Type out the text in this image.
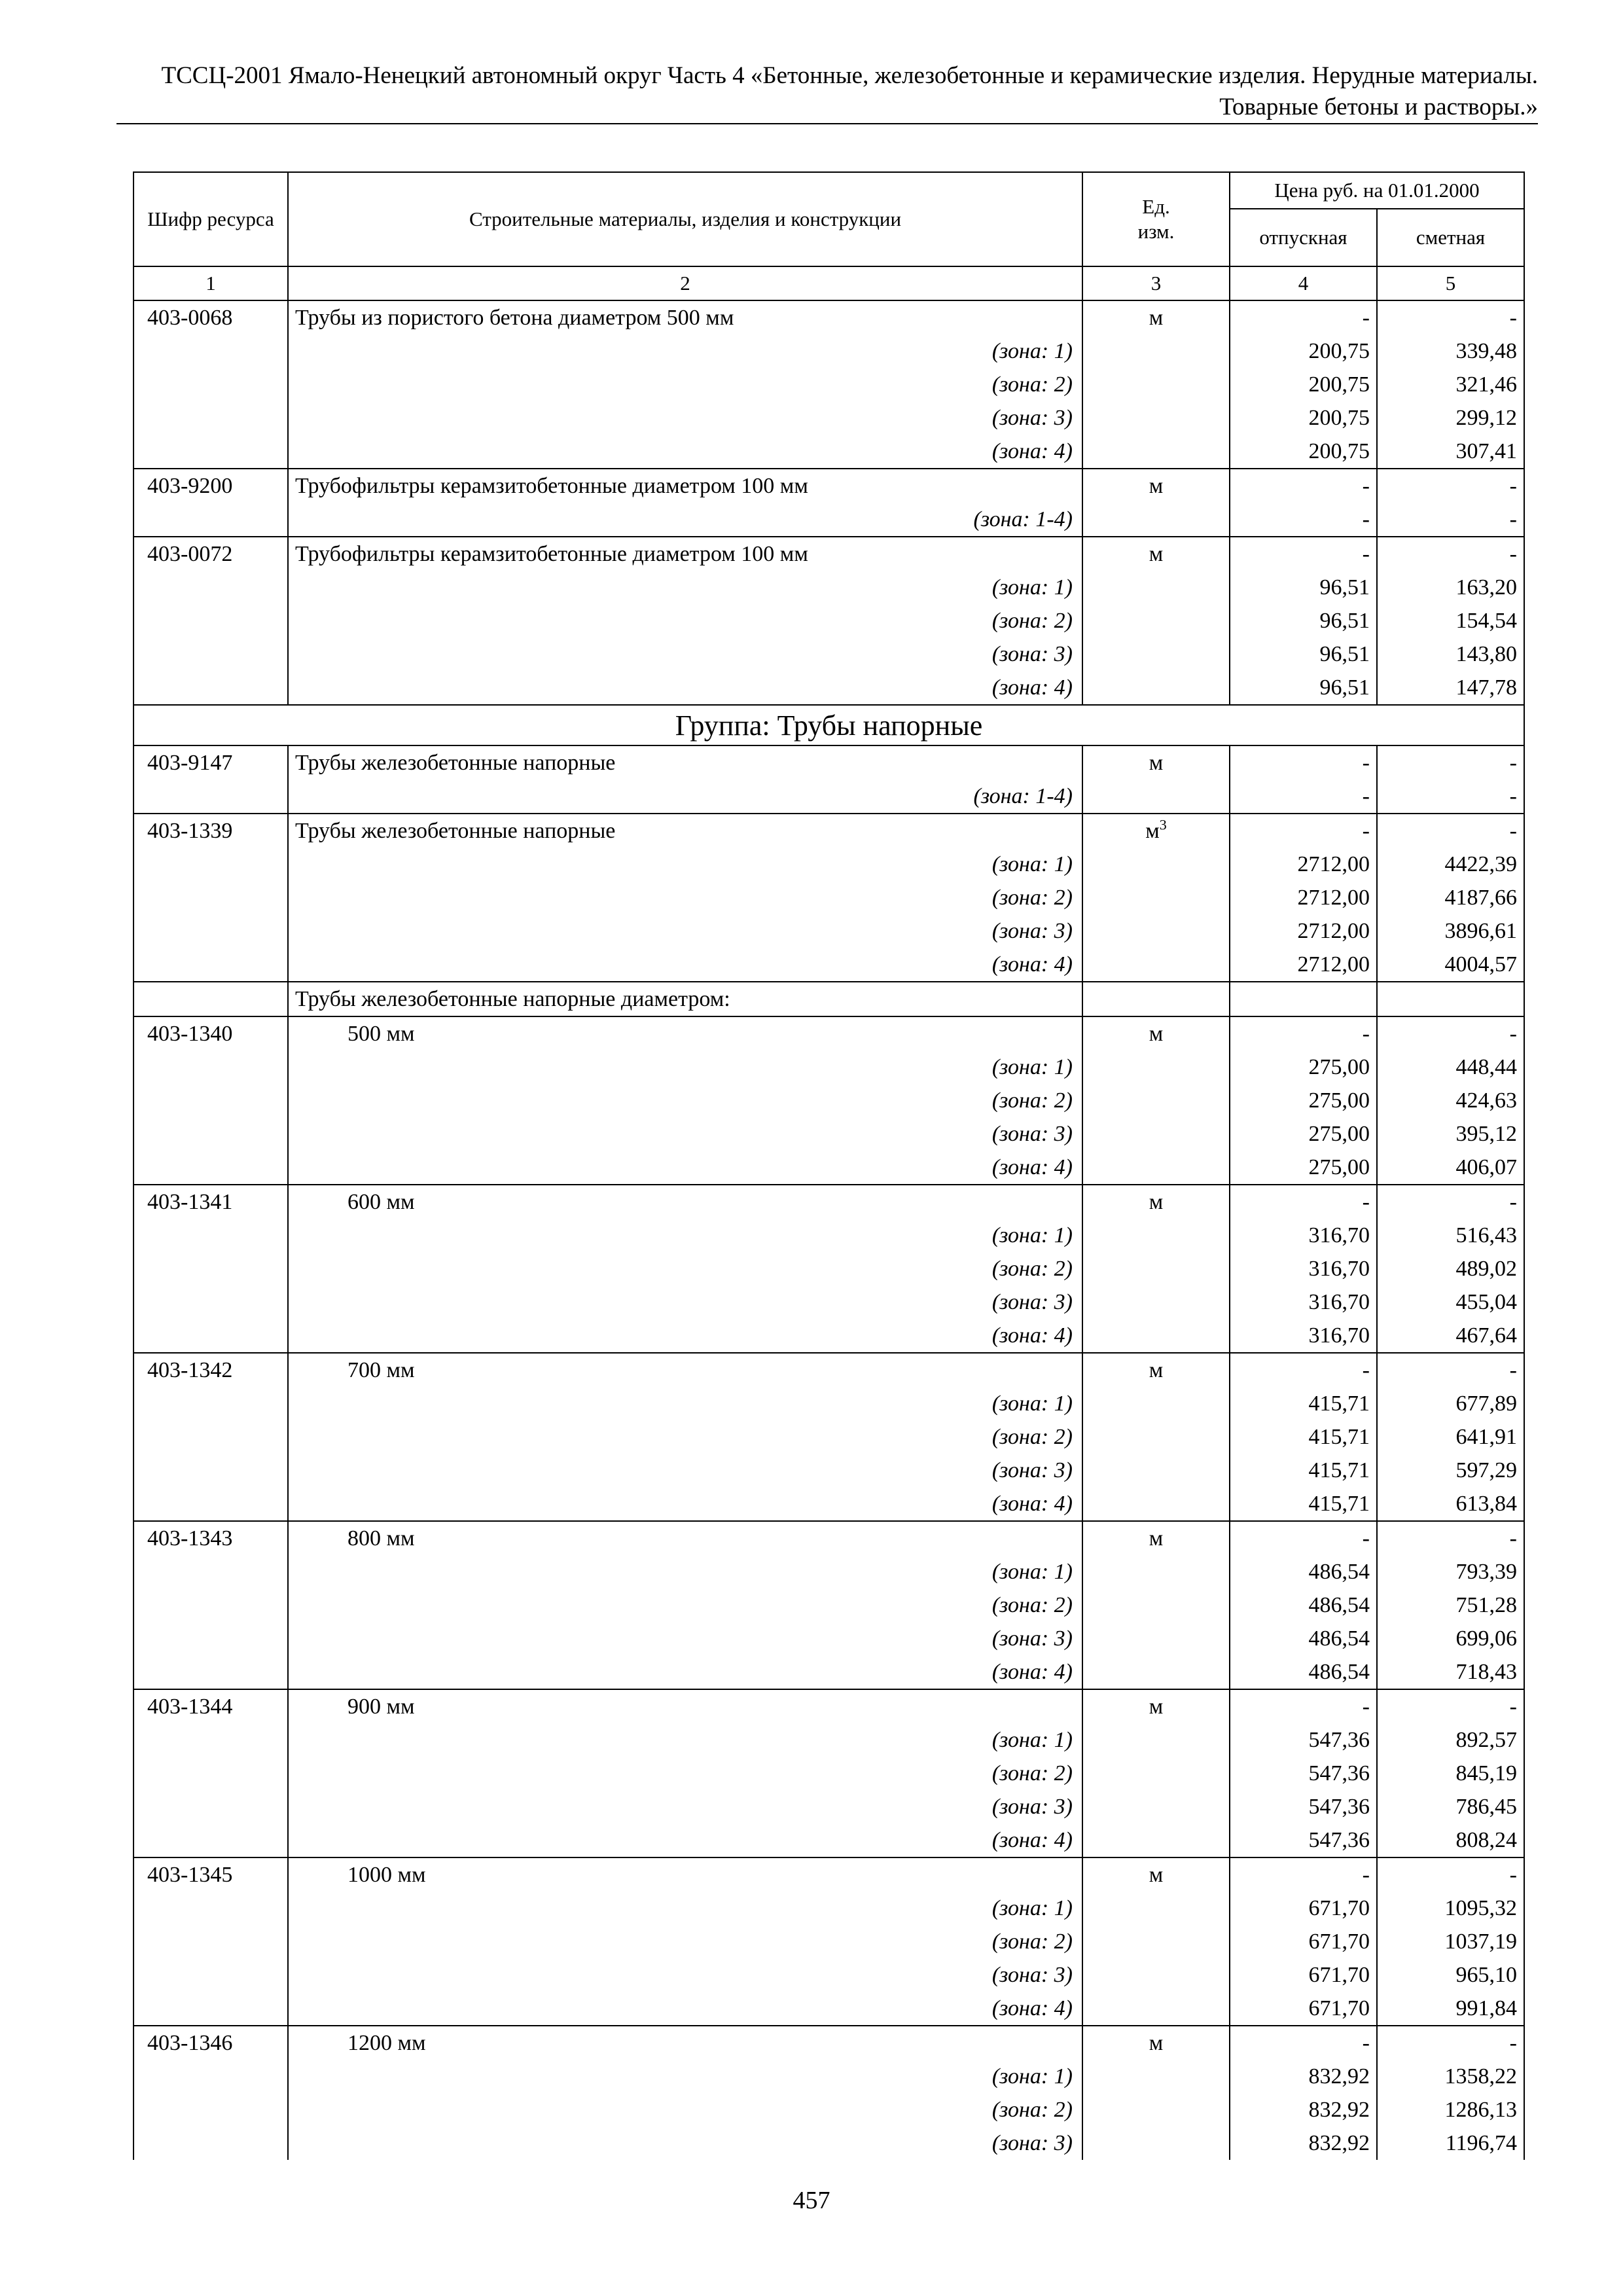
ТССЦ-2001 Ямало-Ненецкий автономный округ Часть 4 «Бетонные, железобетонные и керамические изделия. Нерудные материалы.
Товарные бетоны и растворы.»
Шифр ресурса	Строительные материалы, изделия и конструкции	Ед. изм.	Цена руб. на 01.01.2000	
			отпускная	сметная
1	2	3	4	5
403-0068	Трубы из пористого бетона диаметром 500 мм	м	-	-
	(зона: 1)		200,75	339,48
	(зона: 2)		200,75	321,46
	(зона: 3)		200,75	299,12
	(зона: 4)		200,75	307,41
403-9200	Трубофильтры керамзитобетонные диаметром 100 мм	м	-	-
	(зона: 1-4)		-	-
403-0072	Трубофильтры керамзитобетонные диаметром 100 мм	м	-	-
	(зона: 1)		96,51	163,20
	(зона: 2)		96,51	154,54
	(зона: 3)		96,51	143,80
	(зона: 4)		96,51	147,78
Группа: Трубы напорные				
403-9147	Трубы железобетонные напорные	м	-	-
	(зона: 1-4)		-	-
403-1339	Трубы железобетонные напорные	$м^3$	-	-
	(зона: 1)		2712,00	4422,39
	(зона: 2)		2712,00	4187,66
	(зона: 3)		2712,00	3896,61
	(зона: 4)		2712,00	4004,57
	Трубы железобетонные напорные диаметром:			
403-1340	500 мм	м	-	-
	(зона: 1)		275,00	448,44
	(зона: 2)		275,00	424,63
	(зона: 3)		275,00	395,12
	(зона: 4)		275,00	406,07
403-1341	600 мм	м	-	-
	(зона: 1)		316,70	516,43
	(зона: 2)		316,70	489,02
	(зона: 3)		316,70	455,04
	(зона: 4)		316,70	467,64
403-1342	700 мм	м	-	-
	(зона: 1)		415,71	677,89
	(зона: 2)		415,71	641,91
	(зона: 3)		415,71	597,29
	(зона: 4)		415,71	613,84
403-1343	800 мм	м	-	-
	(зона: 1)		486,54	793,39
	(зона: 2)		486,54	751,28
	(зона: 3)		486,54	699,06
	(зона: 4)		486,54	718,43
403-1344	900 мм	м	-	-
	(зона: 1)		547,36	892,57
	(зона: 2)		547,36	845,19
	(зона: 3)		547,36	786,45
	(зона: 4)		547,36	808,24
403-1345	1000 мм	м	-	-
	(зона: 1)		671,70	1095,32
	(зона: 2)		671,70	1037,19
	(зона: 3)		671,70	965,10
	(зона: 4)		671,70	991,84
403-1346	1200 мм	м	-	-
	(зона: 1)		832,92	1358,22
	(зона: 2)		832,92	1286,13
	(зона: 3)		832,92	1196,74
457
